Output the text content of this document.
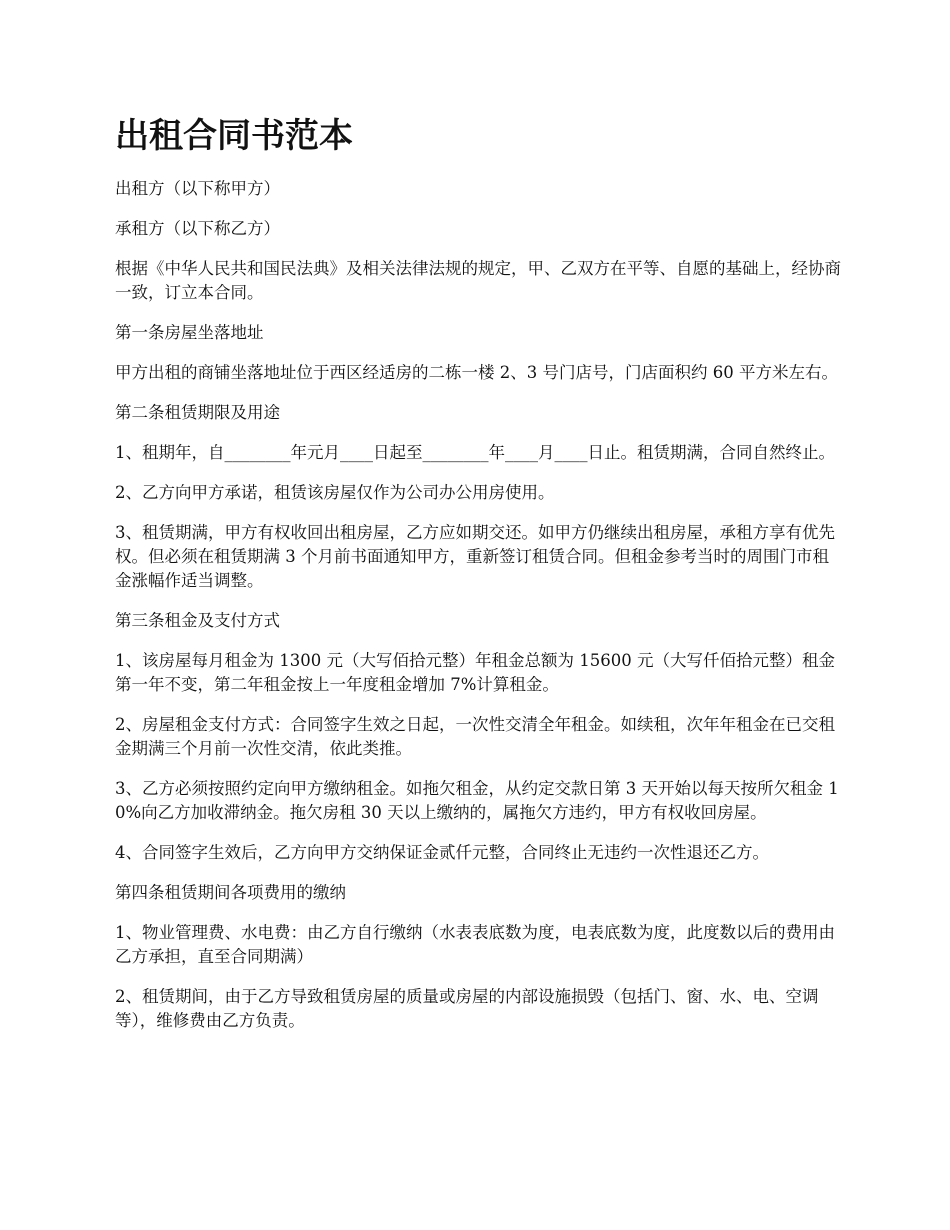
出租合同书范本

出租方（以下称甲方）

承租方（以下称乙方）

根据《中华人民共和国民法典》及相关法律法规的规定，甲、乙双方在平等、自愿的基础上，经协商一致，订立本合同。

第一条房屋坐落地址

甲方出租的商铺坐落地址位于西区经适房的二栋一楼 2、3 号门店号，门店面积约 60 平方米左右。

第二条租赁期限及用途

1、租期年，自________年元月____日起至________年____月____日止。租赁期满，合同自然终止。

2、乙方向甲方承诺，租赁该房屋仅作为公司办公用房使用。

3、租赁期满，甲方有权收回出租房屋，乙方应如期交还。如甲方仍继续出租房屋，承租方享有优先权。但必须在租赁期满 3 个月前书面通知甲方，重新签订租赁合同。但租金参考当时的周围门市租金涨幅作适当调整。

第三条租金及支付方式

1、该房屋每月租金为 1300 元（大写佰拾元整）年租金总额为 15600 元（大写仟佰拾元整）租金第一年不变，第二年租金按上一年度租金增加 7%计算租金。

2、房屋租金支付方式：合同签字生效之日起，一次性交清全年租金。如续租，次年年租金在已交租金期满三个月前一次性交清，依此类推。

3、乙方必须按照约定向甲方缴纳租金。如拖欠租金，从约定交款日第 3 天开始以每天按所欠租金 10%向乙方加收滞纳金。拖欠房租 30 天以上缴纳的，属拖欠方违约，甲方有权收回房屋。

4、合同签字生效后，乙方向甲方交纳保证金贰仟元整，合同终止无违约一次性退还乙方。

第四条租赁期间各项费用的缴纳

1、物业管理费、水电费：由乙方自行缴纳（水表表底数为度，电表底数为度，此度数以后的费用由乙方承担，直至合同期满）

2、租赁期间，由于乙方导致租赁房屋的质量或房屋的内部设施损毁（包括门、窗、水、电、空调等），维修费由乙方负责。
